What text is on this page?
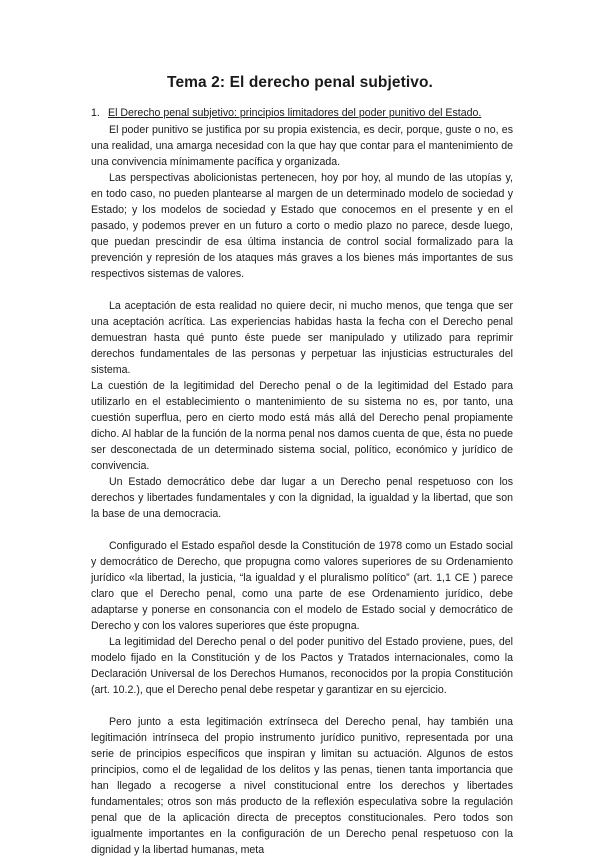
Tema 2: El derecho penal subjetivo.
1. El Derecho penal subjetivo: principios limitadores del poder punitivo del Estado.

El poder punitivo se justifica por su propia existencia, es decir, porque, guste o no, es una realidad, una amarga necesidad con la que hay que contar para el mantenimiento de una convivencia mínimamente pacífica y organizada.

Las perspectivas abolicionistas pertenecen, hoy por hoy, al mundo de las utopías y, en todo caso, no pueden plantearse al margen de un determinado modelo de sociedad y Estado; y los modelos de sociedad y Estado que conocemos en el presente y en el pasado, y podemos prever en un futuro a corto o medio plazo no parece, desde luego, que puedan prescindir de esa última instancia de control social formalizado para la prevención y represión de los ataques más graves a los bienes más importantes de sus respectivos sistemas de valores.

La aceptación de esta realidad no quiere decir, ni mucho menos, que tenga que ser una aceptación acrítica. Las experiencias habidas hasta la fecha con el Derecho penal demuestran hasta qué punto éste puede ser manipulado y utilizado para reprimir derechos fundamentales de las personas y perpetuar las injusticias estructurales del sistema.

La cuestión de la legitimidad del Derecho penal o de la legitimidad del Estado para utilizarlo en el establecimiento o mantenimiento de su sistema no es, por tanto, una cuestión superflua, pero en cierto modo está más allá del Derecho penal propiamente dicho. Al hablar de la función de la norma penal nos damos cuenta de que, ésta no puede ser desconectada de un determinado sistema social, político, económico y jurídico de convivencia.

Un Estado democrático debe dar lugar a un Derecho penal respetuoso con los derechos y libertades fundamentales y con la dignidad, la igualdad y la libertad, que son la base de una democracia.

Configurado el Estado español desde la Constitución de 1978 como un Estado social y democrático de Derecho, que propugna como valores superiores de su Ordenamiento jurídico «la libertad, la justicia, “la igualdad y el pluralismo político” (art. 1,1 CE ) parece claro que el Derecho penal, como una parte de ese Ordenamiento jurídico, debe adaptarse y ponerse en consonancia con el modelo de Estado social y democrático de Derecho y con los valores superiores que éste propugna.

La legitimidad del Derecho penal o del poder punitivo del Estado proviene, pues, del modelo fijado en la Constitución y de los Pactos y Tratados internacionales, como la Declaración Universal de los Derechos Humanos, reconocidos por la propia Constitución (art. 10.2.), que el Derecho penal debe respetar y garantizar en su ejercicio.

Pero junto a esta legitimación extrínseca del Derecho penal, hay también una legitimación intrínseca del propio instrumento jurídico punitivo, representada por una serie de principios específicos que inspiran y limitan su actuación. Algunos de estos principios, como el de legalidad de los delitos y las penas, tienen tanta importancia que han llegado a recogerse a nivel constitucional entre los derechos y libertades fundamentales; otros son más producto de la reflexión especulativa sobre la regulación penal que de la aplicación directa de preceptos constitucionales. Pero todos son igualmente importantes en la configuración de un Derecho penal respetuoso con la dignidad y la libertad humanas, meta
